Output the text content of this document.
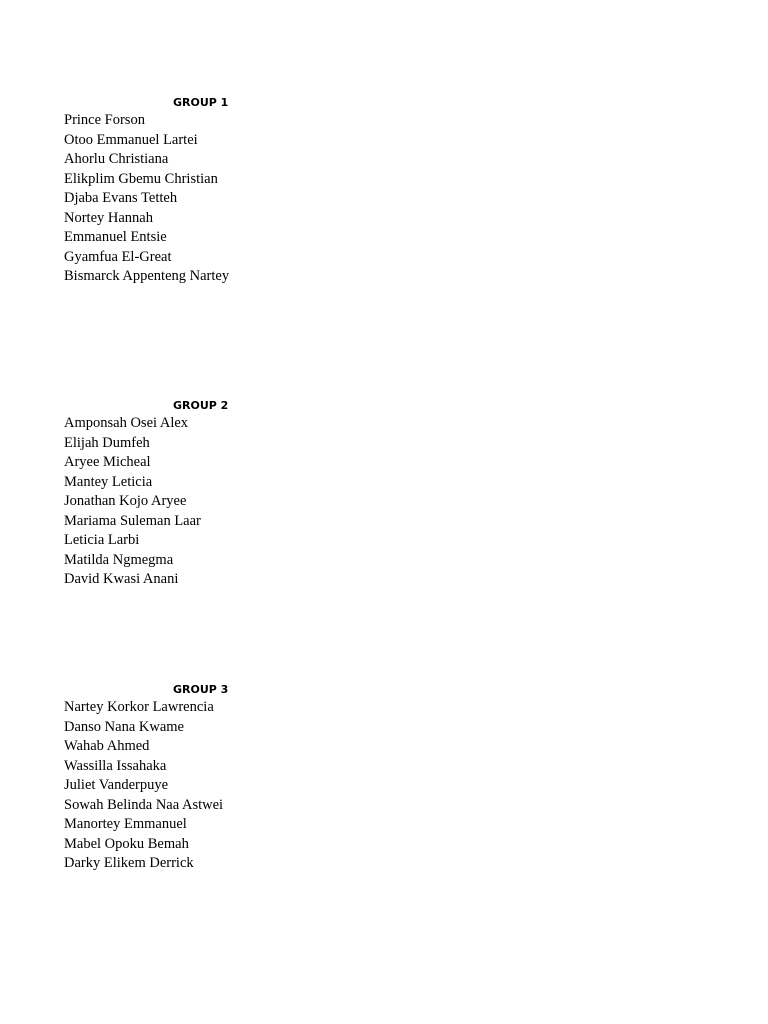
GROUP 1
Prince Forson
Otoo Emmanuel Lartei
Ahorlu Christiana
Elikplim Gbemu Christian
Djaba Evans Tetteh
Nortey Hannah
Emmanuel Entsie
Gyamfua El-Great
Bismarck Appenteng Nartey
GROUP 2
Amponsah Osei Alex
Elijah Dumfeh
Aryee Micheal
Mantey Leticia
Jonathan Kojo Aryee
Mariama Suleman Laar
Leticia Larbi
Matilda Ngmegma
David Kwasi Anani
GROUP 3
Nartey Korkor Lawrencia
Danso Nana Kwame
Wahab Ahmed
Wassilla Issahaka
Juliet Vanderpuye
Sowah Belinda Naa Astwei
Manortey Emmanuel
Mabel Opoku Bemah
Darky Elikem Derrick
